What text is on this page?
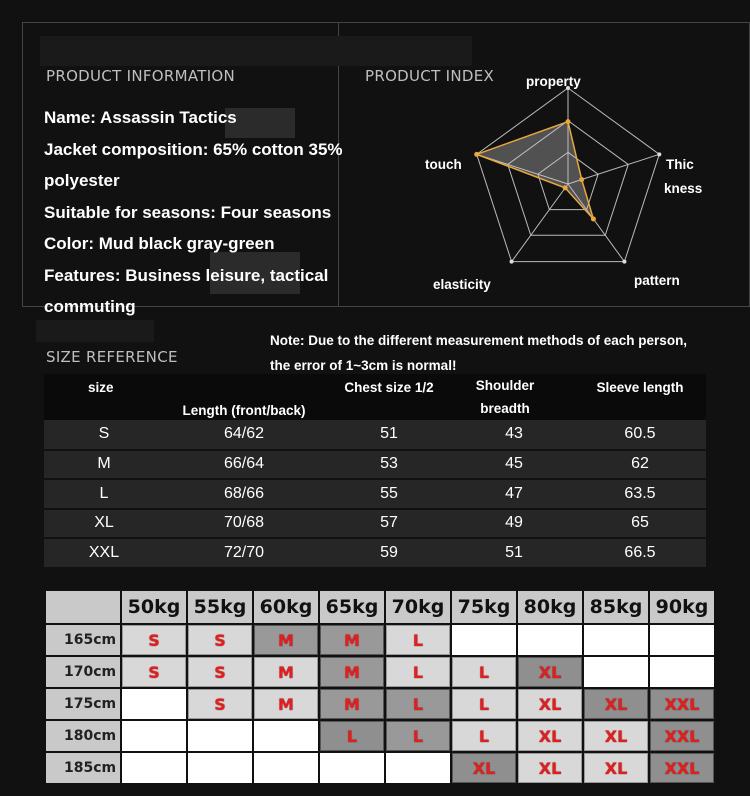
PRODUCT INFORMATION
Name: Assassin Tactics
Jacket composition: 65% cotton 35%
polyester
Suitable for seasons: Four seasons
Color: Mud black gray-green
Features: Business leisure, tactical
commuting
PRODUCT INDEX property
Thic
kness
pattern
elasticity
touch
SIZE REFERENCE
Note: Due to the different measurement methods of each person,
the error of 1~3cm is normal!
size	Length (front/back)	Chest size 1/2	Shoulder breadth	Sleeve length
S	64/62	51	43	60.5
M	66/64	53	45	62
L	68/66	55	47	63.5
XL	70/68	57	49	65
XXL	72/70	59	51	66.5
	50kg	55kg	60kg	65kg	70kg	75kg	80kg	85kg	90kg
165cm	S	S	M	M	L				
170cm	S	S	M	M	L	L	XL		
175cm		S	M	M	L	L	XL	XL	XXL
180cm				L	L	L	XL	XL	XXL
185cm						XL	XL	XL	XXL
